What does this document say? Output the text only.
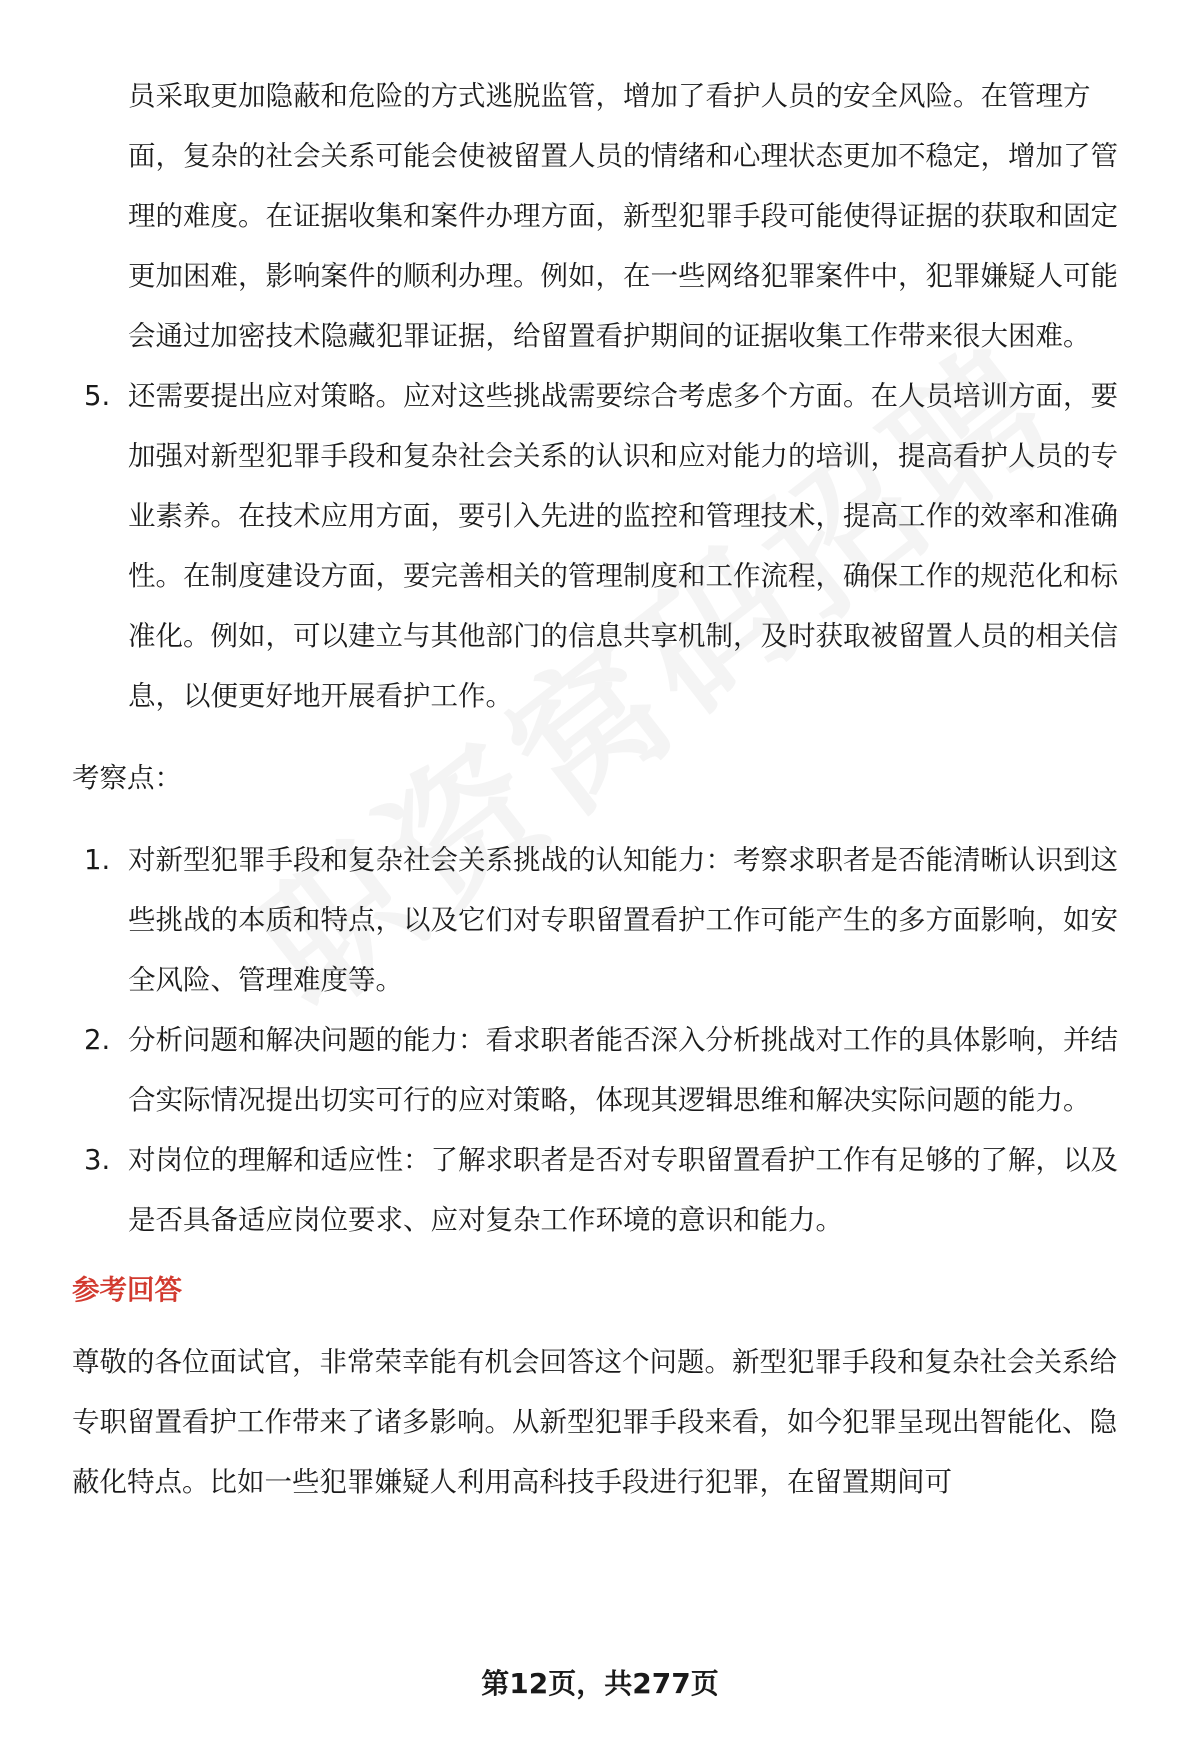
员采取更加隐蔽和危险的方式逃脱监管，增加了看护人员的安全风险。在管理方面，复杂的社会关系可能会使被留置人员的情绪和心理状态更加不稳定，增加了管理的难度。在证据收集和案件办理方面，新型犯罪手段可能使得证据的获取和固定更加困难，影响案件的顺利办理。例如，在一些网络犯罪案件中，犯罪嫌疑人可能会通过加密技术隐藏犯罪证据，给留置看护期间的证据收集工作带来很大困难。

5. 还需要提出应对策略。应对这些挑战需要综合考虑多个方面。在人员培训方面，要加强对新型犯罪手段和复杂社会关系的认识和应对能力的培训，提高看护人员的专业素养。在技术应用方面，要引入先进的监控和管理技术，提高工作的效率和准确性。在制度建设方面，要完善相关的管理制度和工作流程，确保工作的规范化和标准化。例如，可以建立与其他部门的信息共享机制，及时获取被留置人员的相关信息，以便更好地开展看护工作。
考察点：
1. 对新型犯罪手段和复杂社会关系挑战的认知能力：考察求职者是否能清晰认识到这些挑战的本质和特点，以及它们对专职留置看护工作可能产生的多方面影响，如安全风险、管理难度等。
2. 分析问题和解决问题的能力：看求职者能否深入分析挑战对工作的具体影响，并结合实际情况提出切实可行的应对策略，体现其逻辑思维和解决实际问题的能力。
3. 对岗位的理解和适应性：了解求职者是否对专职留置看护工作有足够的了解，以及是否具备适应岗位要求、应对复杂工作环境的意识和能力。
参考回答

尊敬的各位面试官，非常荣幸能有机会回答这个问题。新型犯罪手段和复杂社会关系给专职留置看护工作带来了诸多影响。从新型犯罪手段来看，如今犯罪呈现出智能化、隐蔽化特点。比如一些犯罪嫌疑人利用高科技手段进行犯罪，在留置期间可

第12页，共277页
